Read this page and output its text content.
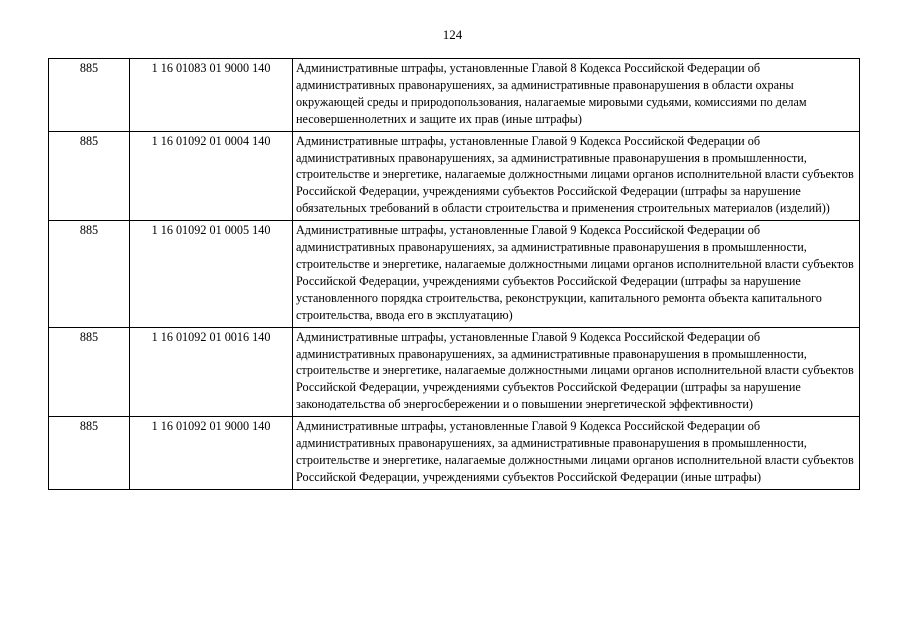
124
885	1 16 01083 01 9000 140	Административные штрафы, установленные Главой 8 Кодекса Российской Федерации об административных правонарушениях, за административные правонарушения в области охраны окружающей среды и природопользования, налагаемые мировыми судьями, комиссиями по делам несовершеннолетних и защите их прав (иные штрафы)
885	1 16 01092 01 0004 140	Административные штрафы, установленные Главой 9 Кодекса Российской Федерации об административных правонарушениях, за административные правонарушения в промышленности, строительстве и энергетике, налагаемые должностными лицами органов исполнительной власти субъектов Российской Федерации, учреждениями субъектов Российской Федерации (штрафы за нарушение обязательных требований в области строительства и применения строительных материалов (изделий))
885	1 16 01092 01 0005 140	Административные штрафы, установленные Главой 9 Кодекса Российской Федерации об административных правонарушениях, за административные правонарушения в промышленности, строительстве и энергетике, налагаемые должностными лицами органов исполнительной власти субъектов Российской Федерации, учреждениями субъектов Российской Федерации (штрафы за нарушение установленного порядка строительства, реконструкции, капитального ремонта объекта капитального строительства, ввода его в эксплуатацию)
885	1 16 01092 01 0016 140	Административные штрафы, установленные Главой 9 Кодекса Российской Федерации об административных правонарушениях, за административные правонарушения в промышленности, строительстве и энергетике, налагаемые должностными лицами органов исполнительной власти субъектов Российской Федерации, учреждениями субъектов Российской Федерации (штрафы за нарушение законодательства об энергосбережении и о повышении энергетической эффективности)
885	1 16 01092 01 9000 140	Административные штрафы, установленные Главой 9 Кодекса Российской Федерации об административных правонарушениях, за административные правонарушения в промышленности, строительстве и энергетике, налагаемые должностными лицами органов исполнительной власти субъектов Российской Федерации, учреждениями субъектов Российской Федерации (иные штрафы)
